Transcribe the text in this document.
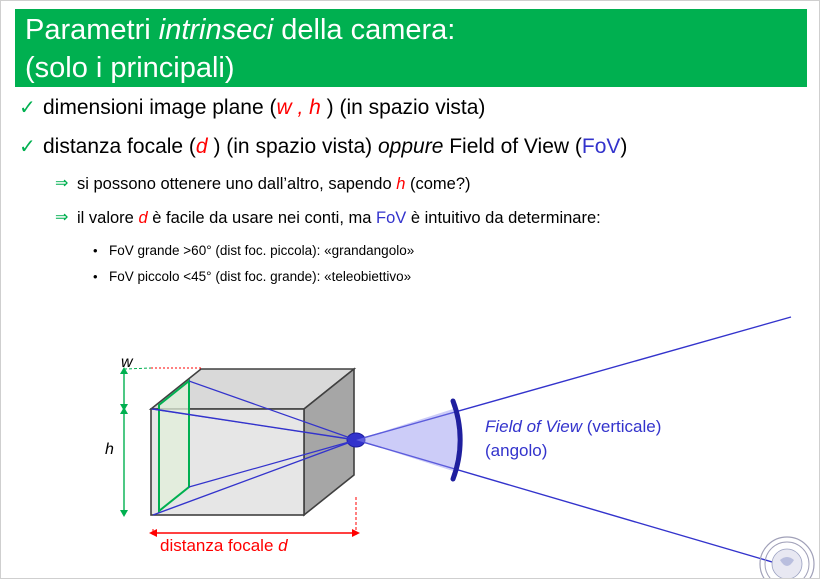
Parametri intrinseci della camera:
(solo i principali)
✓ dimensioni image plane (w , h ) (in spazio vista)
✓ distanza focale (d ) (in spazio vista) oppure Field of View (FoV)
⇒ si possono ottenere uno dall’altro, sapendo h (come?)
⇒ il valore d è facile da usare nei conti, ma FoV è intuitivo da determinare:
• FoV grande >60° (dist foc. piccola): «grandangolo»
• FoV piccolo <45° (dist foc. grande): «teleobiettivo»
w
h
Field of View (verticale)
(angolo)
distanza focale d
